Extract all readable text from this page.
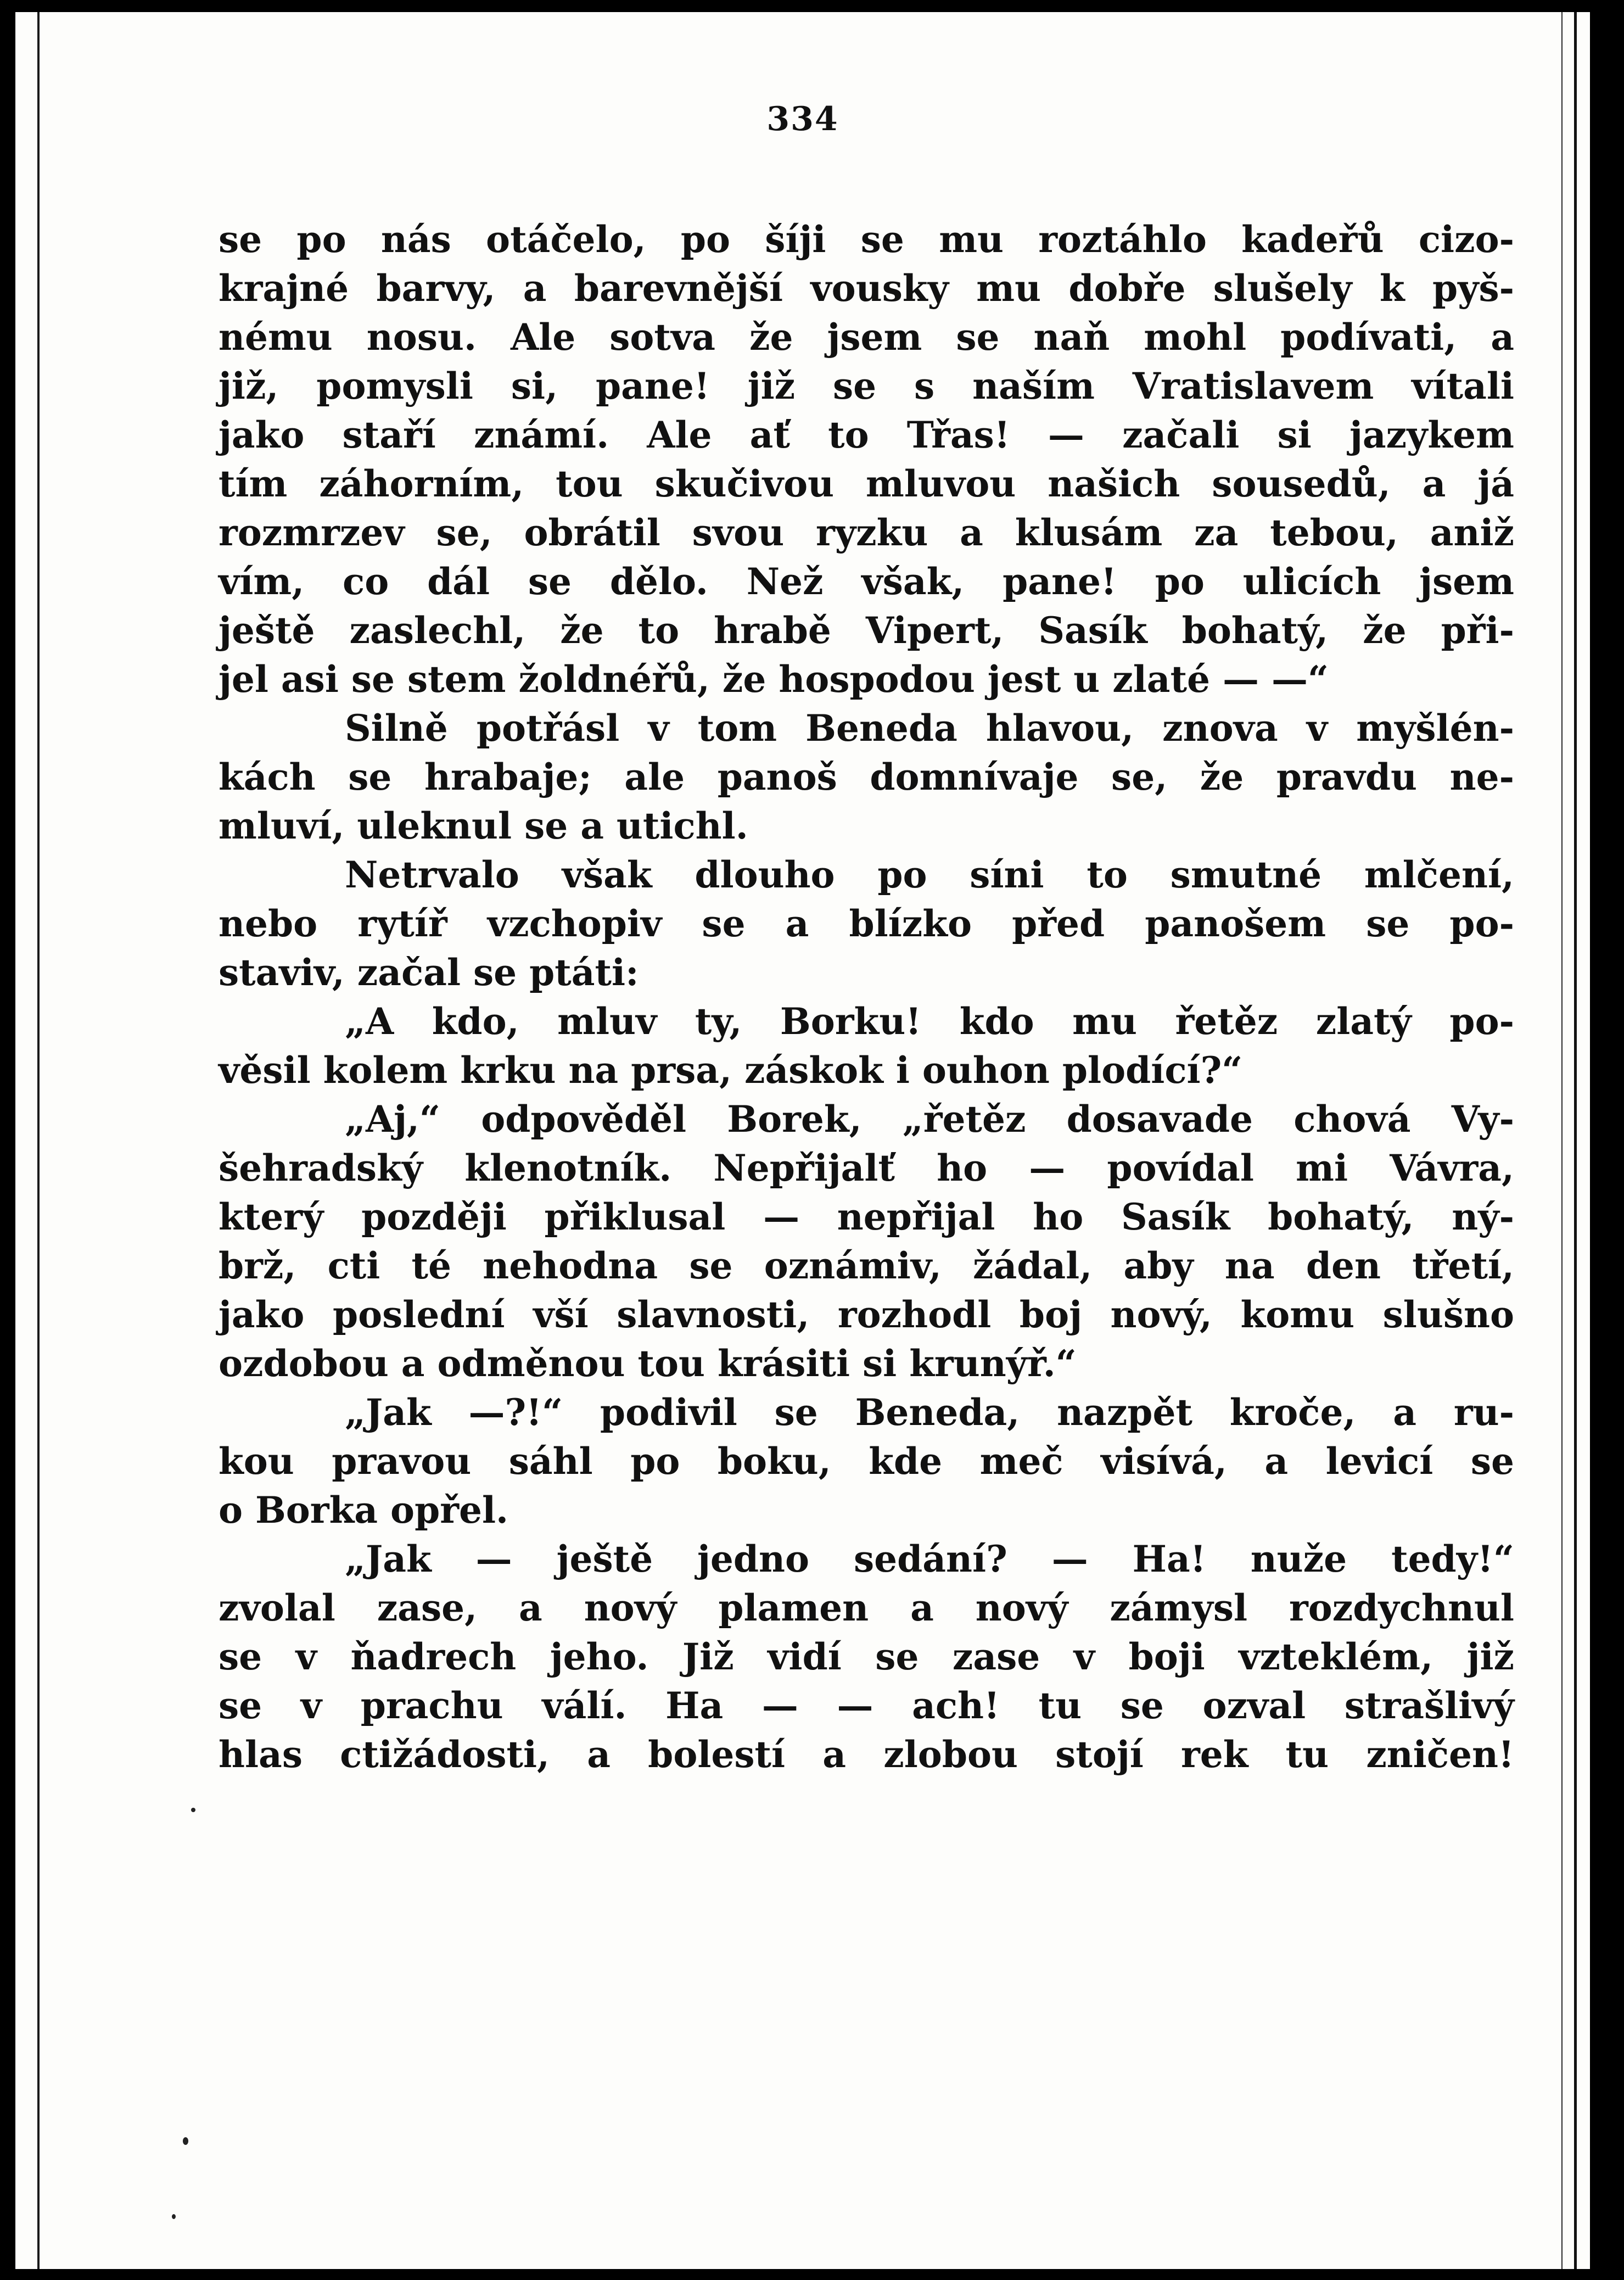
334
se po nás otáčelo, po šíji se mu roztáhlo kadeřů cizo-
krajné barvy, a barevnější vousky mu dobře slušely k pyš-
nému nosu. Ale sotva že jsem se naň mohl podívati, a
již, pomysli si, pane! již se s naším Vratislavem vítali
jako staří známí. Ale ať to Třas! — začali si jazykem
tím záhorním, tou skučivou mluvou našich sousedů, a já
rozmrzev se, obrátil svou ryzku a klusám za tebou, aniž
vím, co dál se dělo. Než však, pane! po ulicích jsem
ještě zaslechl, že to hrabě Vipert, Sasík bohatý, že při-
jel asi se stem žoldnéřů, že hospodou jest u zlaté — —“
Silně potřásl v tom Beneda hlavou, znova v myšlén-
kách se hrabaje; ale panoš domnívaje se, že pravdu ne-
mluví, uleknul se a utichl.
Netrvalo však dlouho po síni to smutné mlčení,
nebo rytíř vzchopiv se a blízko před panošem se po-
staviv, začal se ptáti:
„A kdo, mluv ty, Borku! kdo mu řetěz zlatý po-
věsil kolem krku na prsa, záskok i ouhon plodící?“
„Aj,“ odpověděl Borek, „řetěz dosavade chová Vy-
šehradský klenotník. Nepřijalť ho — povídal mi Vávra,
který později přiklusal — nepřijal ho Sasík bohatý, ný-
brž, cti té nehodna se oznámiv, žádal, aby na den třetí,
jako poslední vší slavnosti, rozhodl boj nový, komu slušno
ozdobou a odměnou tou krásiti si krunýř.“
„Jak —?!“ podivil se Beneda, nazpět kroče, a ru-
kou pravou sáhl po boku, kde meč visívá, a levicí se
o Borka opřel.
„Jak — ještě jedno sedání? — Ha! nuže tedy!“
zvolal zase, a nový plamen a nový zámysl rozdychnul
se v ňadrech jeho. Již vidí se zase v boji vzteklém, již
se v prachu válí. Ha — — ach! tu se ozval strašlivý
hlas ctižádosti, a bolestí a zlobou stojí rek tu zničen!
